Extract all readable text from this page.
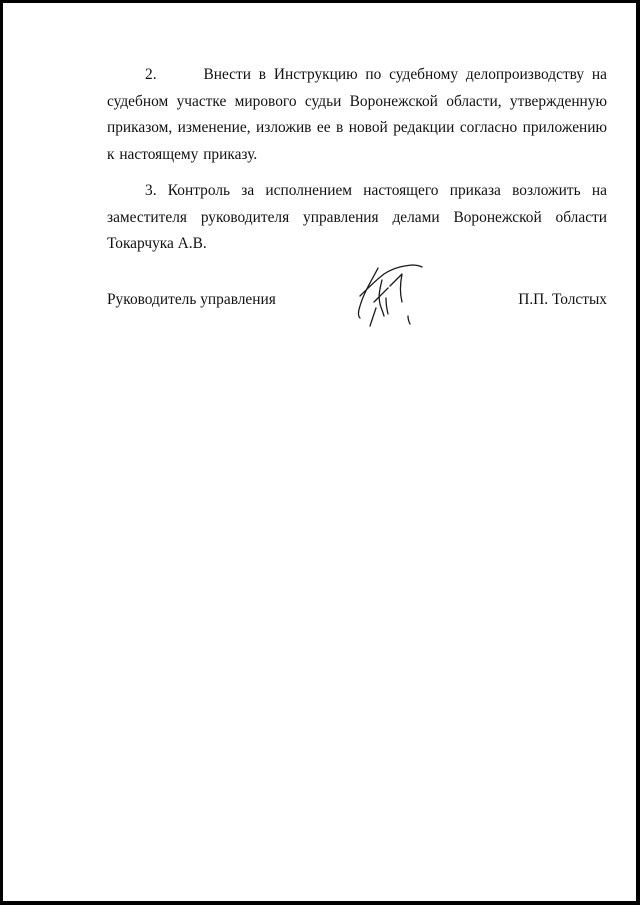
2.	Внести в Инструкцию по судебному делопроизводству на судебном участке мирового судьи Воронежской области, утвержденную приказом, изменение, изложив ее в новой редакции согласно приложению к настоящему приказу.

3. Контроль за исполнением настоящего приказа возложить на заместителя руководителя управления делами Воронежской области Токарчука А.В.

Руководитель управления	П.П. Толстых
